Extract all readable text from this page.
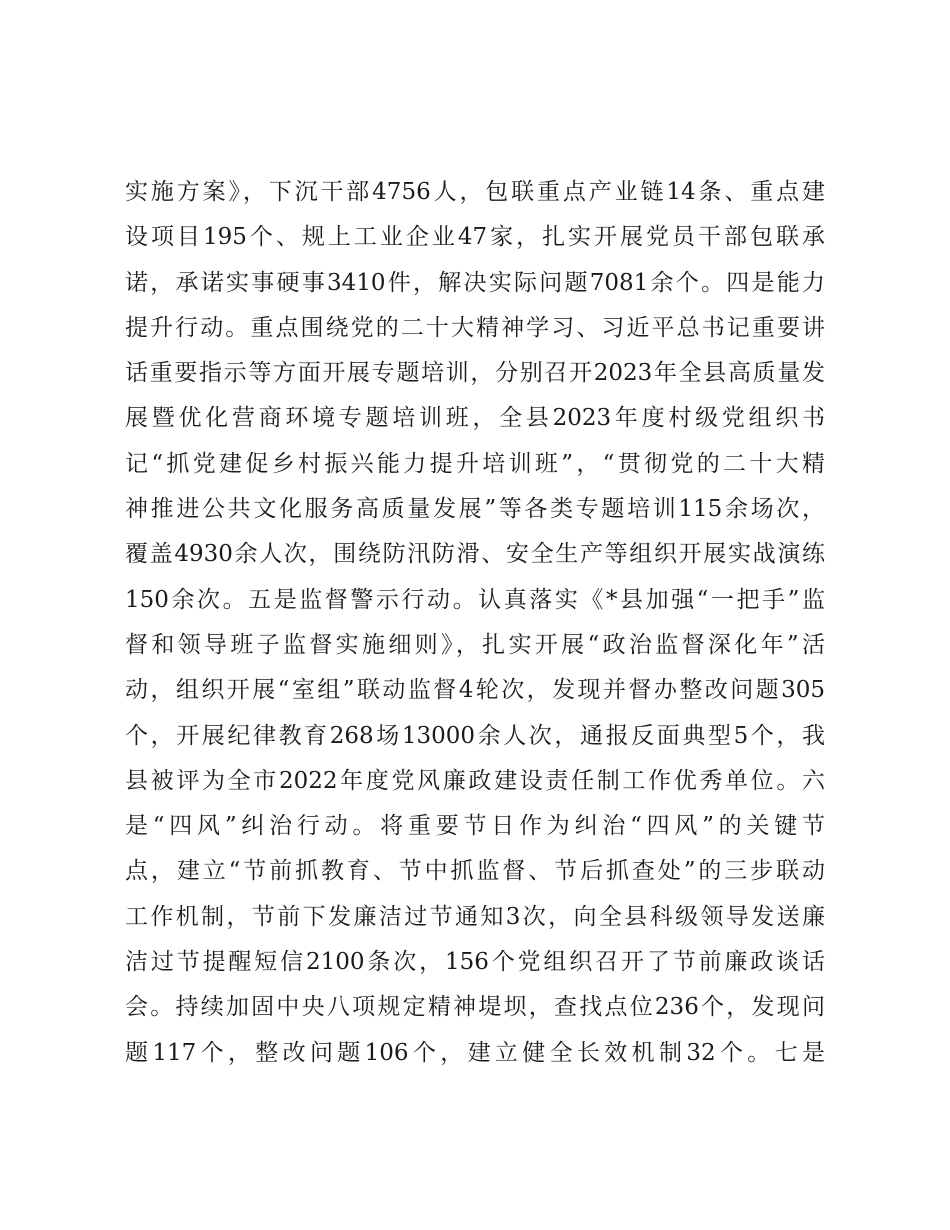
实施方案》，下沉干部4756人，包联重点产业链14条、重点建
设项目195个、规上工业企业47家，扎实开展党员干部包联承
诺，承诺实事硬事3410件，解决实际问题7081余个。四是能力
提升行动。重点围绕党的二十大精神学习、习近平总书记重要讲
话重要指示等方面开展专题培训，分别召开2023年全县高质量发
展暨优化营商环境专题培训班，全县2023年度村级党组织书
记“抓党建促乡村振兴能力提升培训班”，“贯彻党的二十大精
神推进公共文化服务高质量发展”等各类专题培训115余场次，
覆盖4930余人次，围绕防汛防滑、安全生产等组织开展实战演练
150余次。五是监督警示行动。认真落实《*县加强“一把手”监
督和领导班子监督实施细则》，扎实开展“政治监督深化年”活
动，组织开展“室组”联动监督4轮次，发现并督办整改问题305
个，开展纪律教育268场13000余人次，通报反面典型5个，我
县被评为全市2022年度党风廉政建设责任制工作优秀单位。六
是“四风”纠治行动。将重要节日作为纠治“四风”的关键节
点，建立“节前抓教育、节中抓监督、节后抓查处”的三步联动
工作机制，节前下发廉洁过节通知3次，向全县科级领导发送廉
洁过节提醒短信2100条次，156个党组织召开了节前廉政谈话
会。持续加固中央八项规定精神堤坝，查找点位236个，发现问
题117个，整改问题106个，建立健全长效机制32个。七是
